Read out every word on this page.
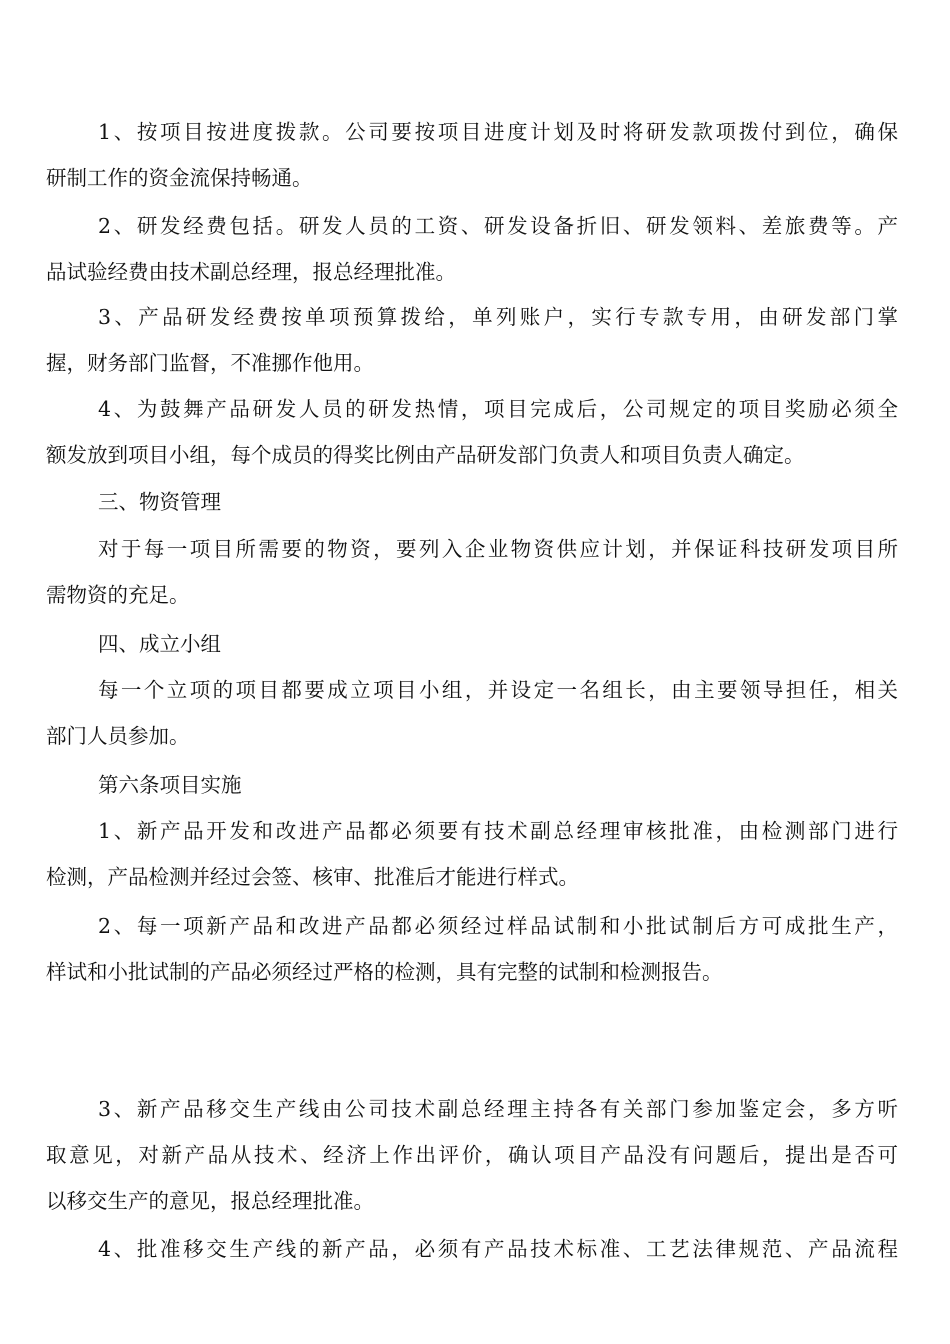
1、按项目按进度拨款。公司要按项目进度计划及时将研发款项拨付到位，确保
研制工作的资金流保持畅通。

2、研发经费包括。研发人员的工资、研发设备折旧、研发领料、差旅费等。产
品试验经费由技术副总经理，报总经理批准。

3、产品研发经费按单项预算拨给，单列账户，实行专款专用，由研发部门掌
握，财务部门监督，不准挪作他用。

4、为鼓舞产品研发人员的研发热情，项目完成后，公司规定的项目奖励必须全
额发放到项目小组，每个成员的得奖比例由产品研发部门负责人和项目负责人确定。

三、物资管理

对于每一项目所需要的物资，要列入企业物资供应计划，并保证科技研发项目所
需物资的充足。

四、成立小组

每一个立项的项目都要成立项目小组，并设定一名组长，由主要领导担任，相关
部门人员参加。

第六条项目实施

1、新产品开发和改进产品都必须要有技术副总经理审核批准，由检测部门进行
检测，产品检测并经过会签、核审、批准后才能进行样式。

2、每一项新产品和改进产品都必须经过样品试制和小批试制后方可成批生产，
样试和小批试制的产品必须经过严格的检测，具有完整的试制和检测报告。

3、新产品移交生产线由公司技术副总经理主持各有关部门参加鉴定会，多方听
取意见，对新产品从技术、经济上作出评价，确认项目产品没有问题后，提出是否可
以移交生产的意见，报总经理批准。

4、批准移交生产线的新产品，必须有产品技术标准、工艺法律规范、产品流程
